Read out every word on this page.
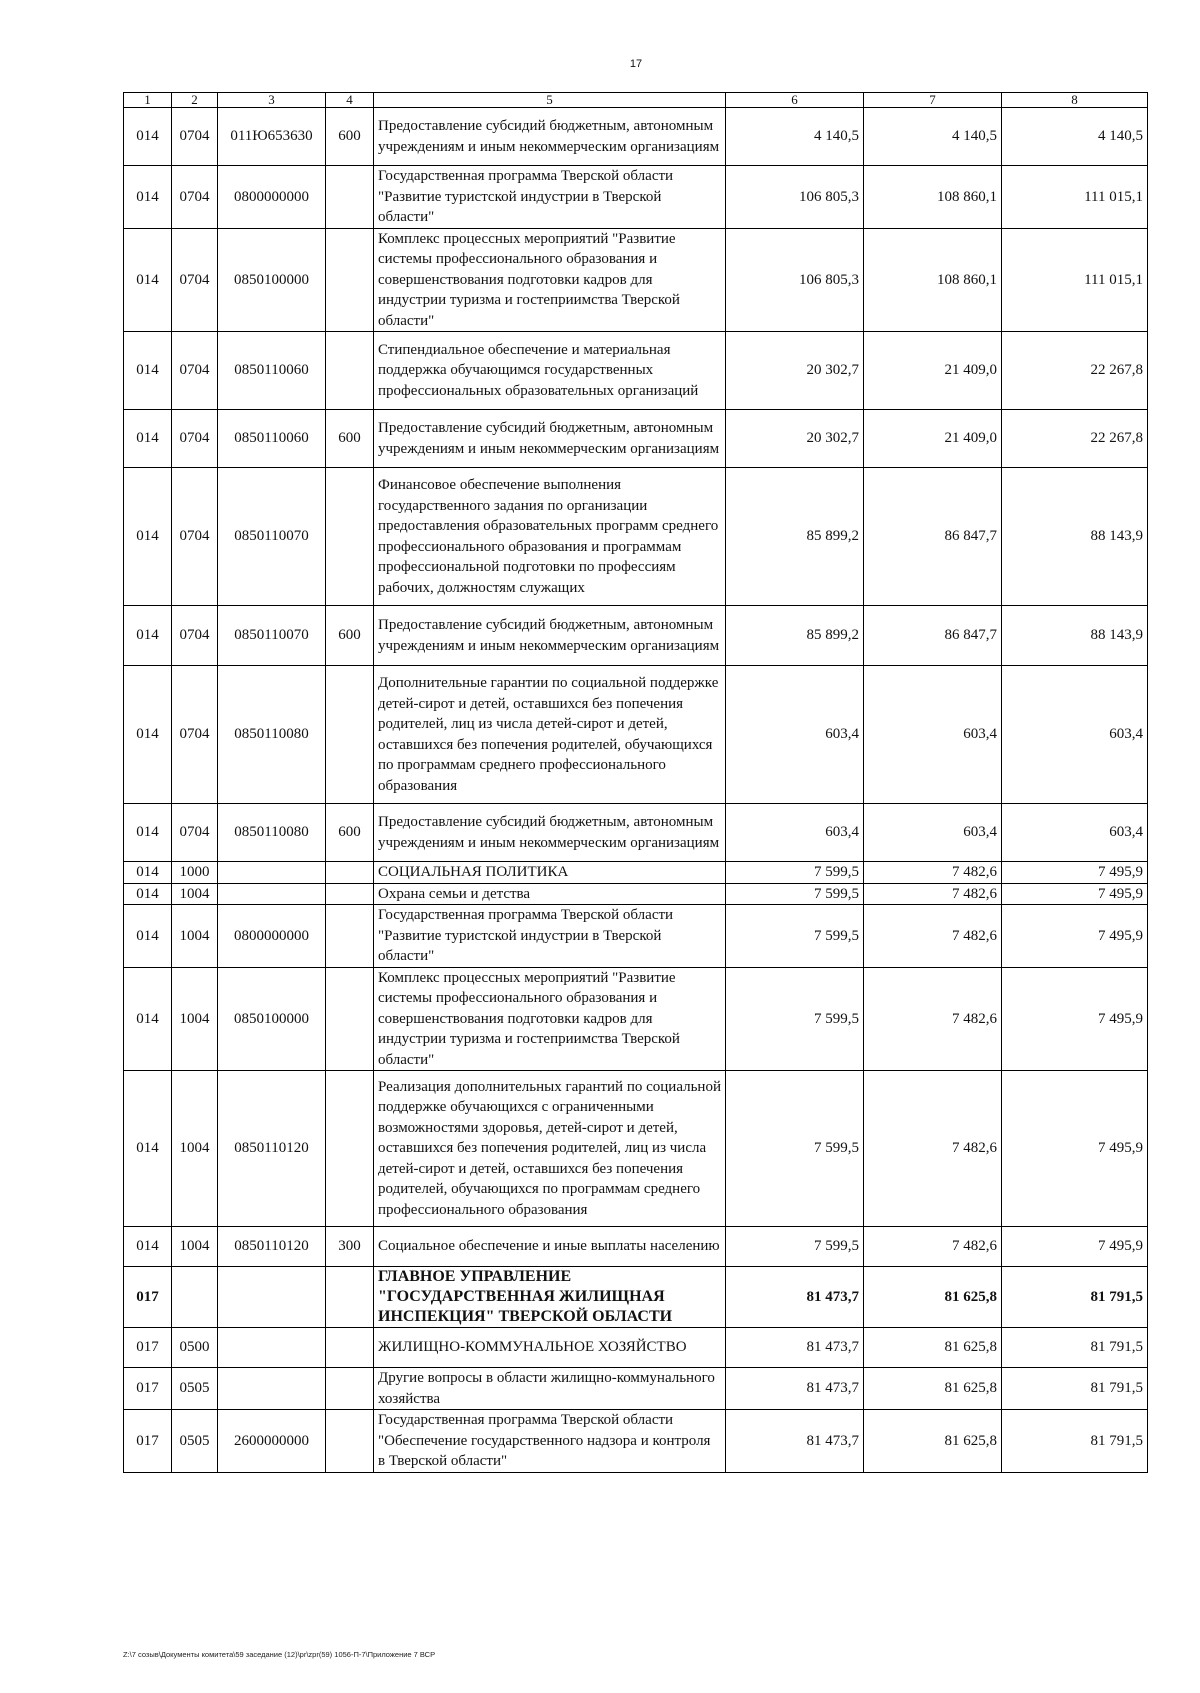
17
1	2	3	4	5	6	7	8
014	0704	011Ю653630	600	Предоставление субсидий бюджетным, автономным учреждениям и иным некоммерческим организациям	4 140,5	4 140,5	4 140,5
014	0704	0800000000		Государственная программа Тверской области "Развитие туристской индустрии в Тверской области"	106 805,3	108 860,1	111 015,1
014	0704	0850100000		Комплекс процессных мероприятий "Развитие системы профессионального образования и совершенствования подготовки кадров для индустрии туризма и гостеприимства Тверской области"	106 805,3	108 860,1	111 015,1
014	0704	0850110060		Стипендиальное обеспечение и материальная поддержка обучающимся государственных профессиональных образовательных организаций	20 302,7	21 409,0	22 267,8
014	0704	0850110060	600	Предоставление субсидий бюджетным, автономным учреждениям и иным некоммерческим организациям	20 302,7	21 409,0	22 267,8
014	0704	0850110070		Финансовое обеспечение выполнения государственного задания по организации предоставления образовательных программ среднего профессионального образования и программам профессиональной подготовки по профессиям рабочих, должностям служащих	85 899,2	86 847,7	88 143,9
014	0704	0850110070	600	Предоставление субсидий бюджетным, автономным учреждениям и иным некоммерческим организациям	85 899,2	86 847,7	88 143,9
014	0704	0850110080		Дополнительные гарантии по социальной поддержке детей-сирот и детей, оставшихся без попечения родителей, лиц из числа детей-сирот и детей, оставшихся без попечения родителей, обучающихся по программам среднего профессионального образования	603,4	603,4	603,4
014	0704	0850110080	600	Предоставление субсидий бюджетным, автономным учреждениям и иным некоммерческим организациям	603,4	603,4	603,4
014	1000			СОЦИАЛЬНАЯ ПОЛИТИКА	7 599,5	7 482,6	7 495,9
014	1004			Охрана семьи и детства	7 599,5	7 482,6	7 495,9
014	1004	0800000000		Государственная программа Тверской области "Развитие туристской индустрии в Тверской области"	7 599,5	7 482,6	7 495,9
014	1004	0850100000		Комплекс процессных мероприятий "Развитие системы профессионального образования и совершенствования подготовки кадров для индустрии туризма и гостеприимства Тверской области"	7 599,5	7 482,6	7 495,9
014	1004	0850110120		Реализация дополнительных гарантий по социальной поддержке обучающихся с ограниченными возможностями здоровья, детей-сирот и детей, оставшихся без попечения родителей, лиц из числа детей-сирот и детей, оставшихся без попечения родителей, обучающихся по программам среднего профессионального образования	7 599,5	7 482,6	7 495,9
014	1004	0850110120	300	Социальное обеспечение и иные выплаты населению	7 599,5	7 482,6	7 495,9
017				ГЛАВНОЕ УПРАВЛЕНИЕ "ГОСУДАРСТВЕННАЯ ЖИЛИЩНАЯ ИНСПЕКЦИЯ" ТВЕРСКОЙ ОБЛАСТИ	81 473,7	81 625,8	81 791,5
017	0500			ЖИЛИЩНО-КОММУНАЛЬНОЕ ХОЗЯЙСТВО	81 473,7	81 625,8	81 791,5
017	0505			Другие вопросы в области жилищно-коммунального хозяйства	81 473,7	81 625,8	81 791,5
017	0505	2600000000		Государственная программа Тверской области "Обеспечение государственного надзора и контроля в Тверской области"	81 473,7	81 625,8	81 791,5
Z:\7 созыв\Документы комитета\59 заседание (12)\pr\zpr(59) 1056-П-7\Приложение 7 ВСР
